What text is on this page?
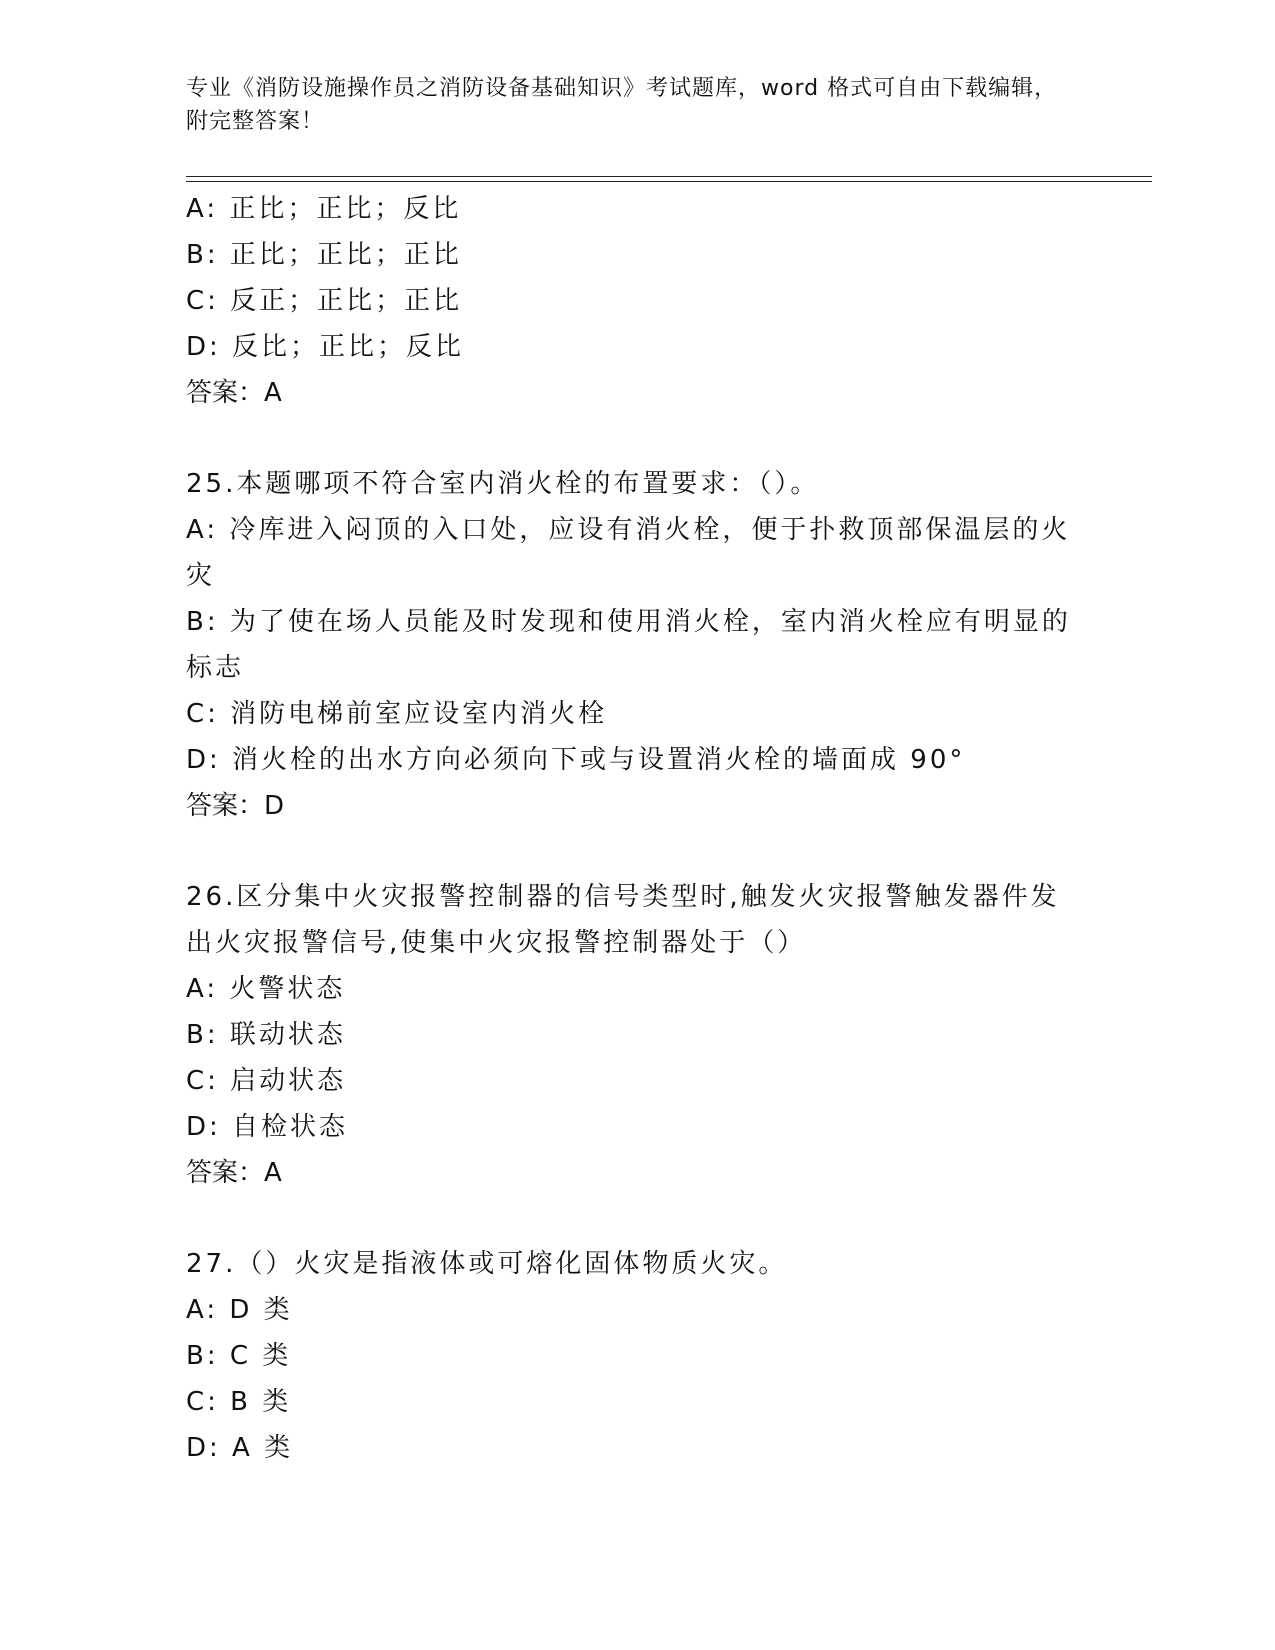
专业《消防设施操作员之消防设备基础知识》考试题库，word 格式可自由下载编辑，附完整答案！
A: 正比；正比；反比
B: 正比；正比；正比
C: 反正；正比；正比
D: 反比；正比；反比
答案：A
25.本题哪项不符合室内消火栓的布置要求：（）。
A: 冷库进入闷顶的入口处，应设有消火栓，便于扑救顶部保温层的火灾
B: 为了使在场人员能及时发现和使用消火栓，室内消火栓应有明显的标志
C: 消防电梯前室应设室内消火栓
D: 消火栓的出水方向必须向下或与设置消火栓的墙面成 90°
答案：D
26.区分集中火灾报警控制器的信号类型时,触发火灾报警触发器件发出火灾报警信号,使集中火灾报警控制器处于（）
A: 火警状态
B: 联动状态
C: 启动状态
D: 自检状态
答案：A
27.（）火灾是指液体或可熔化固体物质火灾。
A: D 类
B: C 类
C: B 类
D: A 类
